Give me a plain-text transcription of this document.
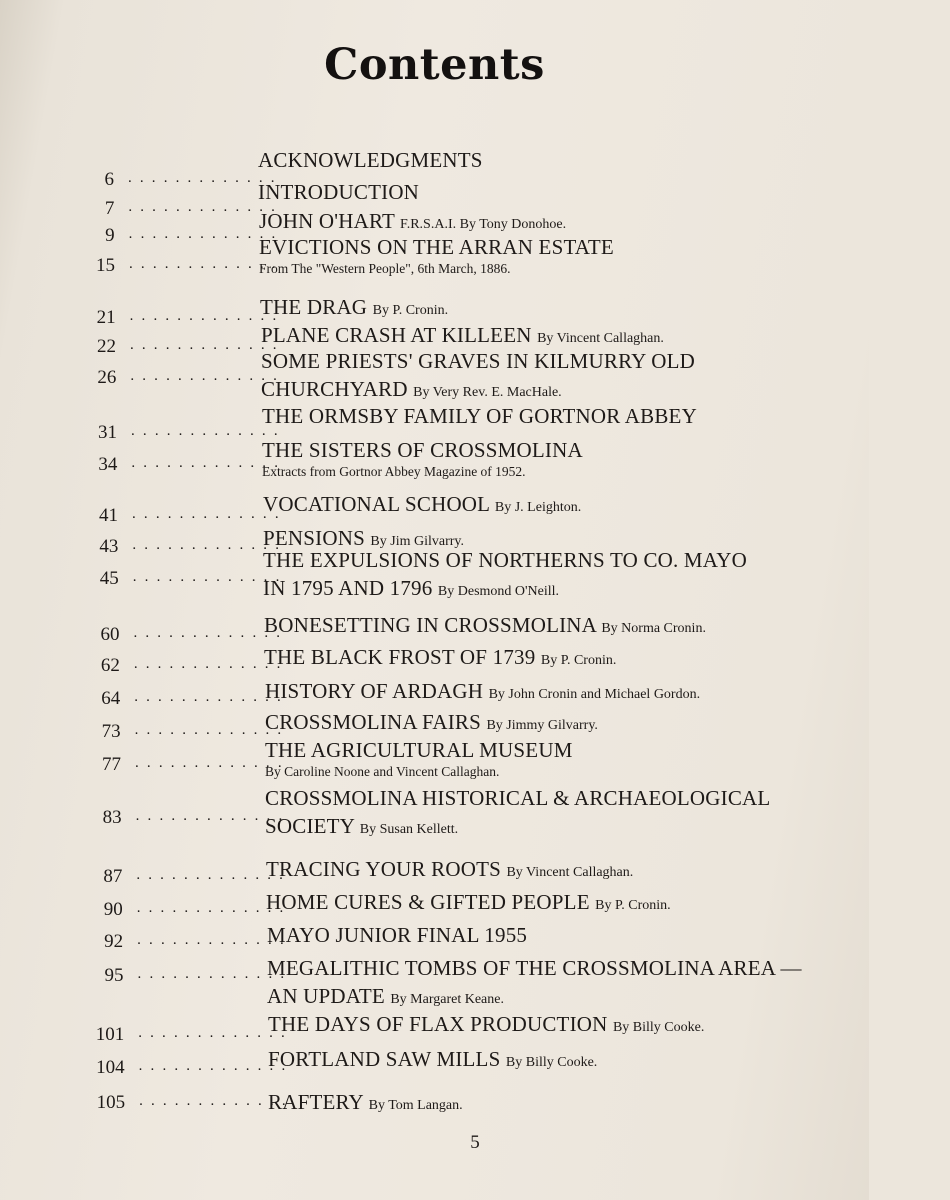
Contents
ACKNOWLEDGMENTS
6 . . . . . . . . . . . . .
INTRODUCTION
7 . . . . . . . . . . . . .
JOHN O'HART F.R.S.A.I. By Tony Donohoe.
9 . . . . . . . . . . . . .
EVICTIONS ON THE ARRAN ESTATE
From The "Western People", 6th March, 1886.
15 . . . . . . . . . . . . .
21 . . . . . . . . . . . . .
THE DRAG By P. Cronin.
22 . . . . . . . . . . . . .
PLANE CRASH AT KILLEEN By Vincent Callaghan.
26 . . . . . . . . . . . . .
SOME PRIESTS' GRAVES IN KILMURRY OLD
CHURCHYARD By Very Rev. E. MacHale.
31 . . . . . . . . . . . . .
THE ORMSBY FAMILY OF GORTNOR ABBEY
34 . . . . . . . . . . . . .
THE SISTERS OF CROSSMOLINA
Extracts from Gortnor Abbey Magazine of 1952.
41 . . . . . . . . . . . . .
VOCATIONAL SCHOOL By J. Leighton.
43 . . . . . . . . . . . . .
PENSIONS By Jim Gilvarry.
45 . . . . . . . . . . . . .
THE EXPULSIONS OF NORTHERNS TO CO. MAYO
IN 1795 AND 1796 By Desmond O'Neill.
60 . . . . . . . . . . . . .
BONESETTING IN CROSSMOLINA By Norma Cronin.
62 . . . . . . . . . . . . .
THE BLACK FROST OF 1739 By P. Cronin.
64 . . . . . . . . . . . . .
HISTORY OF ARDAGH By John Cronin and Michael Gordon.
73 . . . . . . . . . . . . .
CROSSMOLINA FAIRS By Jimmy Gilvarry.
77 . . . . . . . . . . . . .
THE AGRICULTURAL MUSEUM
By Caroline Noone and Vincent Callaghan.
83 . . . . . . . . . . . . .
CROSSMOLINA HISTORICAL & ARCHAEOLOGICAL
SOCIETY By Susan Kellett.
87 . . . . . . . . . . . . .
TRACING YOUR ROOTS By Vincent Callaghan.
90 . . . . . . . . . . . . .
HOME CURES & GIFTED PEOPLE By P. Cronin.
92 . . . . . . . . . . . . .
MAYO JUNIOR FINAL 1955
95 . . . . . . . . . . . . .
MEGALITHIC TOMBS OF THE CROSSMOLINA AREA —
AN UPDATE By Margaret Keane.
101 . . . . . . . . . . . . .
THE DAYS OF FLAX PRODUCTION By Billy Cooke.
104 . . . . . . . . . . . . .
FORTLAND SAW MILLS By Billy Cooke.
105 . . . . . . . . . . . . .
RAFTERY By Tom Langan.
5
